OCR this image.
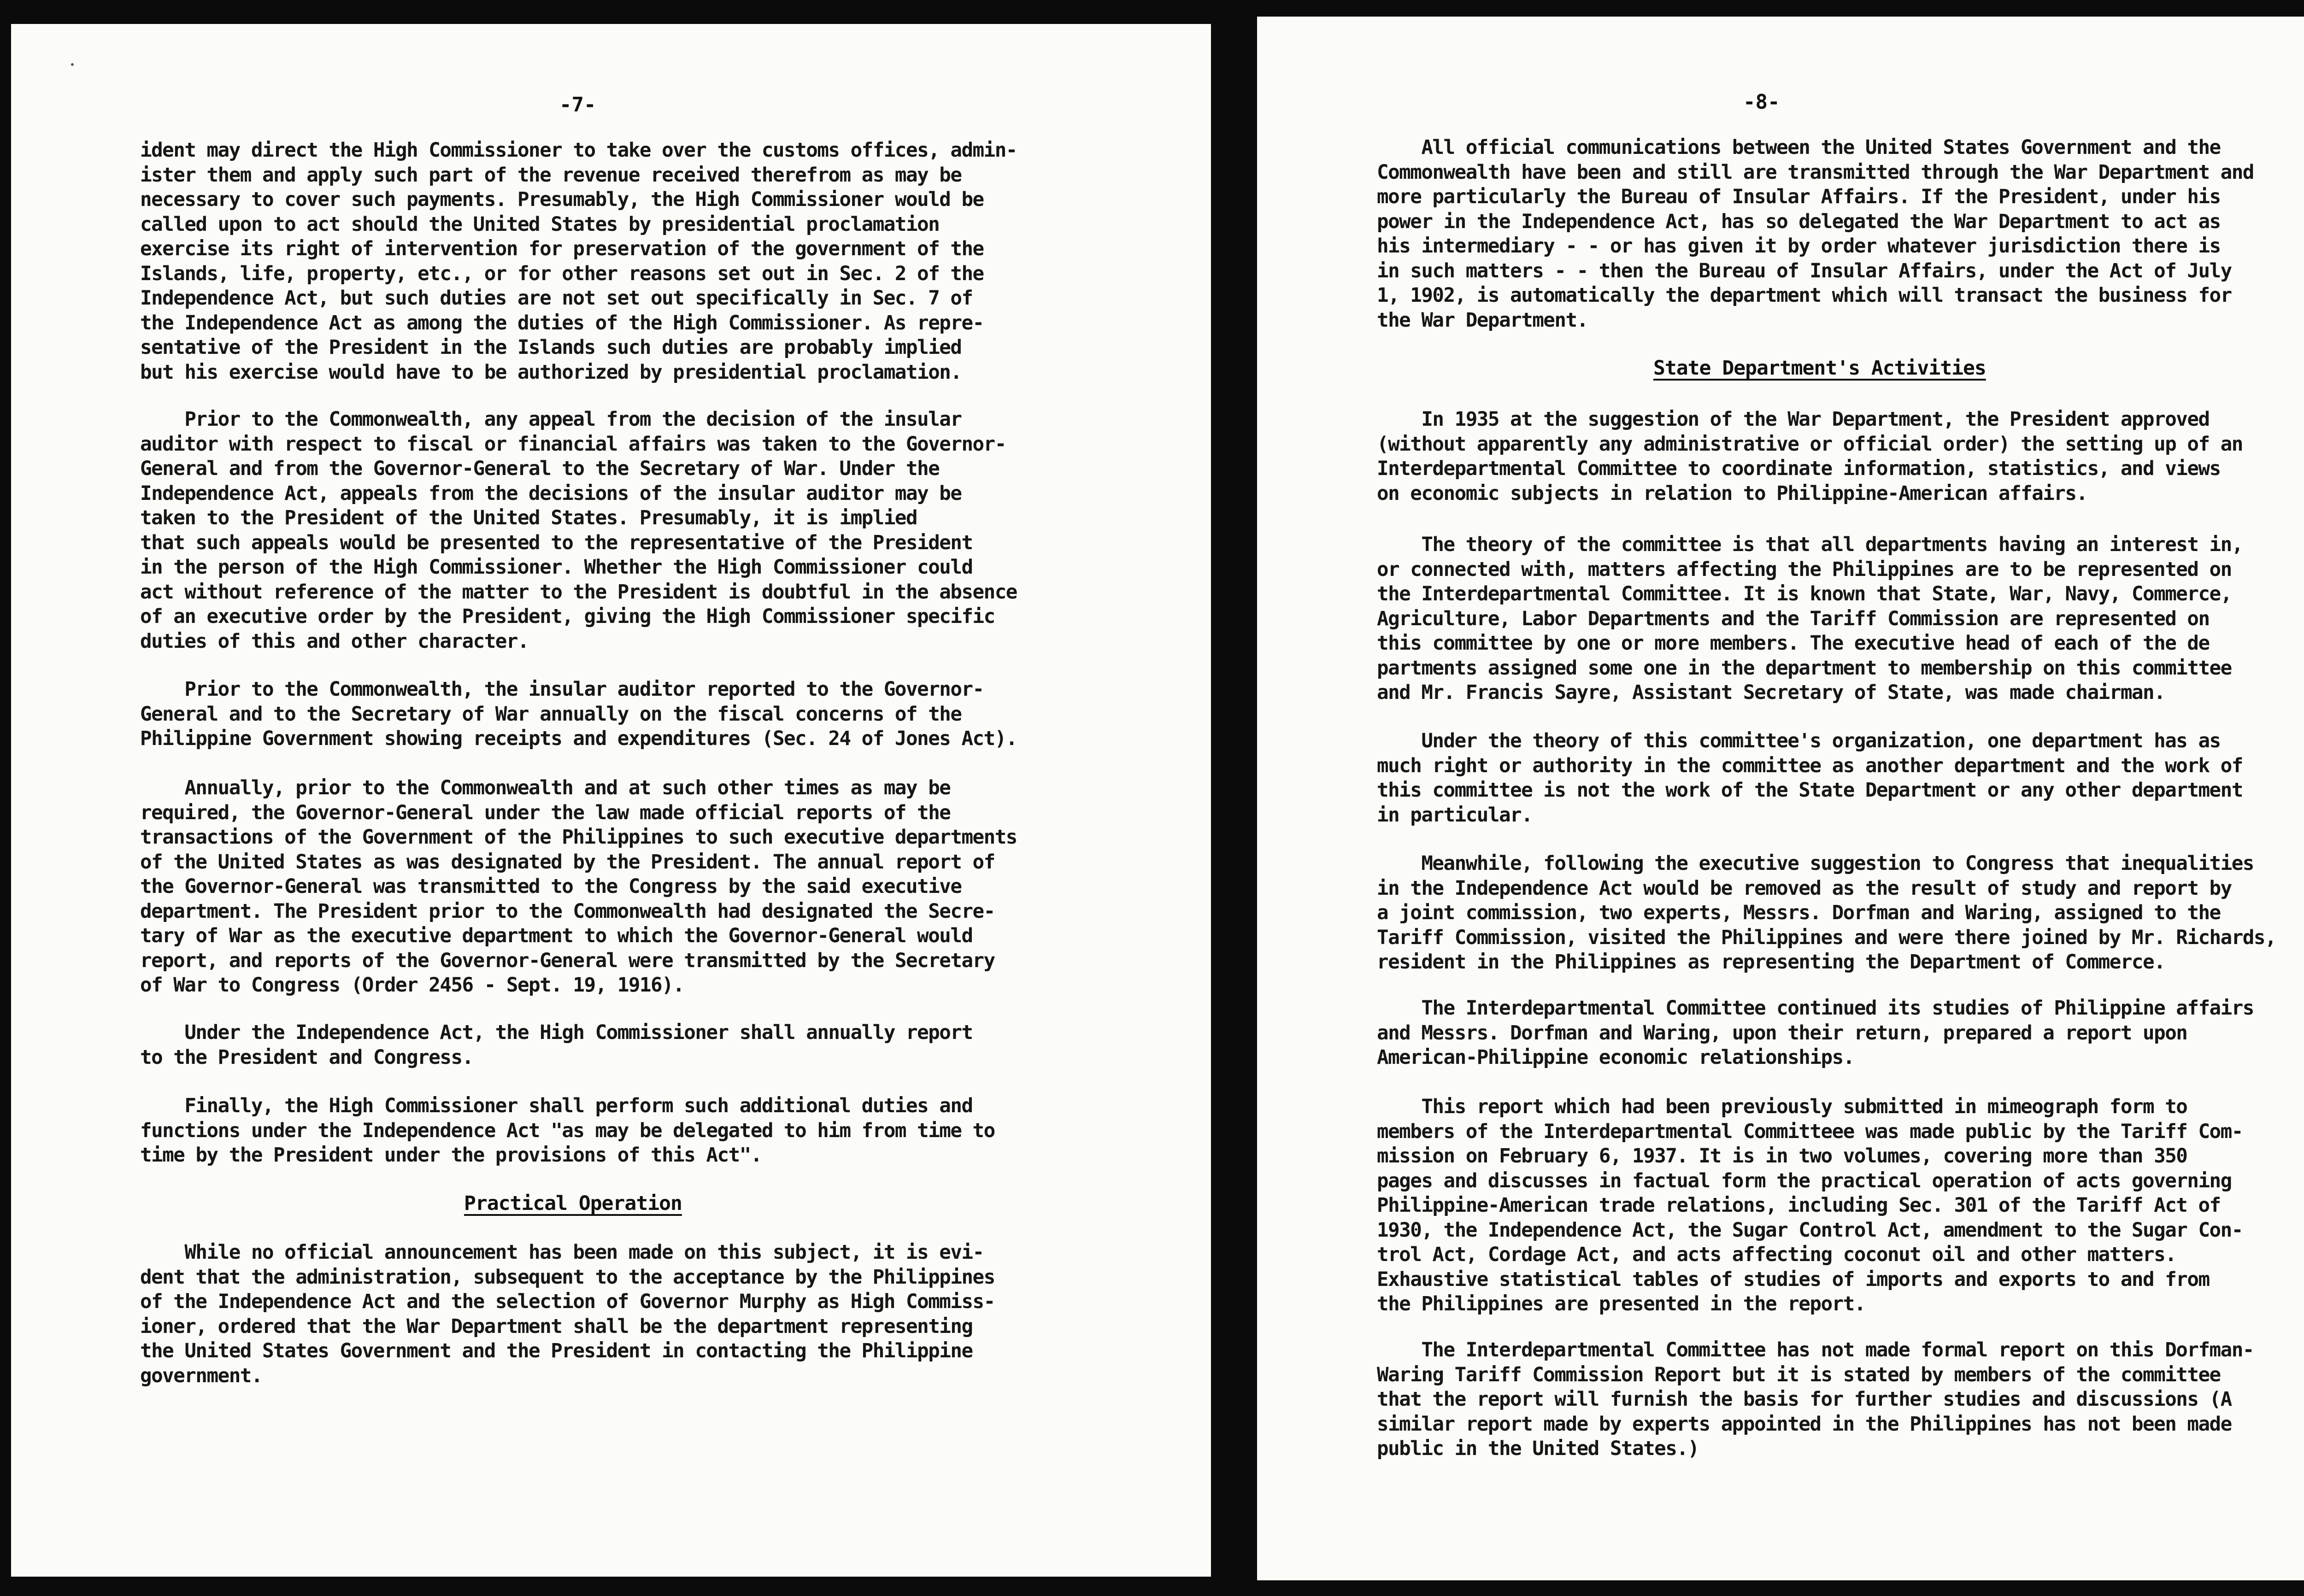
-7-

ident may direct the High Commissioner to take over the customs offices, admin-
ister them and apply such part of the revenue received therefrom as may be
necessary to cover such payments. Presumably, the High Commissioner would be
called upon to act should the United States by presidential proclamation
exercise its right of intervention for preservation of the government of the
Islands, life, property, etc., or for other reasons set out in Sec. 2 of the
Independence Act, but such duties are not set out specifically in Sec. 7 of
the Independence Act as among the duties of the High Commissioner. As repre-
sentative of the President in the Islands such duties are probably implied
but his exercise would have to be authorized by presidential proclamation.

Prior to the Commonwealth, any appeal from the decision of the insular
auditor with respect to fiscal or financial affairs was taken to the Governor-
General and from the Governor-General to the Secretary of War. Under the
Independence Act, appeals from the decisions of the insular auditor may be
taken to the President of the United States. Presumably, it is implied
that such appeals would be presented to the representative of the President
in the person of the High Commissioner. Whether the High Commissioner could
act without reference of the matter to the President is doubtful in the absence
of an executive order by the President, giving the High Commissioner specific
duties of this and other character.

Prior to the Commonwealth, the insular auditor reported to the Governor-
General and to the Secretary of War annually on the fiscal concerns of the
Philippine Government showing receipts and expenditures (Sec. 24 of Jones Act).

Annually, prior to the Commonwealth and at such other times as may be
required, the Governor-General under the law made official reports of the
transactions of the Government of the Philippines to such executive departments
of the United States as was designated by the President. The annual report of
the Governor-General was transmitted to the Congress by the said executive
department. The President prior to the Commonwealth had designated the Secre-
tary of War as the executive department to which the Governor-General would
report, and reports of the Governor-General were transmitted by the Secretary
of War to Congress (Order 2456 - Sept. 19, 1916).

Under the Independence Act, the High Commissioner shall annually report
to the President and Congress.

Finally, the High Commissioner shall perform such additional duties and
functions under the Independence Act "as may be delegated to him from time to
time by the President under the provisions of this Act".

Practical Operation

While no official announcement has been made on this subject, it is evi-
dent that the administration, subsequent to the acceptance by the Philippines
of the Independence Act and the selection of Governor Murphy as High Commiss-
ioner, ordered that the War Department shall be the department representing
the United States Government and the President in contacting the Philippine
government.

-8-

All official communications between the United States Government and the
Commonwealth have been and still are transmitted through the War Department and
more particularly the Bureau of Insular Affairs. If the President, under his
power in the Independence Act, has so delegated the War Department to act as
his intermediary - - or has given it by order whatever jurisdiction there is
in such matters - - then the Bureau of Insular Affairs, under the Act of July
1, 1902, is automatically the department which will transact the business for
the War Department.

State Department's Activities

In 1935 at the suggestion of the War Department, the President approved
(without apparently any administrative or official order) the setting up of an
Interdepartmental Committee to coordinate information, statistics, and views
on economic subjects in relation to Philippine-American affairs.

The theory of the committee is that all departments having an interest in,
or connected with, matters affecting the Philippines are to be represented on
the Interdepartmental Committee. It is known that State, War, Navy, Commerce,
Agriculture, Labor Departments and the Tariff Commission are represented on
this committee by one or more members. The executive head of each of the de
partments assigned some one in the department to membership on this committee
and Mr. Francis Sayre, Assistant Secretary of State, was made chairman.

Under the theory of this committee's organization, one department has as
much right or authority in the committee as another department and the work of
this committee is not the work of the State Department or any other department
in particular.

Meanwhile, following the executive suggestion to Congress that inequalities
in the Independence Act would be removed as the result of study and report by
a joint commission, two experts, Messrs. Dorfman and Waring, assigned to the
Tariff Commission, visited the Philippines and were there joined by Mr. Richards,
resident in the Philippines as representing the Department of Commerce.

The Interdepartmental Committee continued its studies of Philippine affairs
and Messrs. Dorfman and Waring, upon their return, prepared a report upon
American-Philippine economic relationships.

This report which had been previously submitted in mimeograph form to
members of the Interdepartmental Committeee was made public by the Tariff Com-
mission on February 6, 1937. It is in two volumes, covering more than 350
pages and discusses in factual form the practical operation of acts governing
Philippine-American trade relations, including Sec. 301 of the Tariff Act of
1930, the Independence Act, the Sugar Control Act, amendment to the Sugar Con-
trol Act, Cordage Act, and acts affecting coconut oil and other matters.
Exhaustive statistical tables of studies of imports and exports to and from
the Philippines are presented in the report.

The Interdepartmental Committee has not made formal report on this Dorfman-
Waring Tariff Commission Report but it is stated by members of the committee
that the report will furnish the basis for further studies and discussions (A
similar report made by experts appointed in the Philippines has not been made
public in the United States.)
